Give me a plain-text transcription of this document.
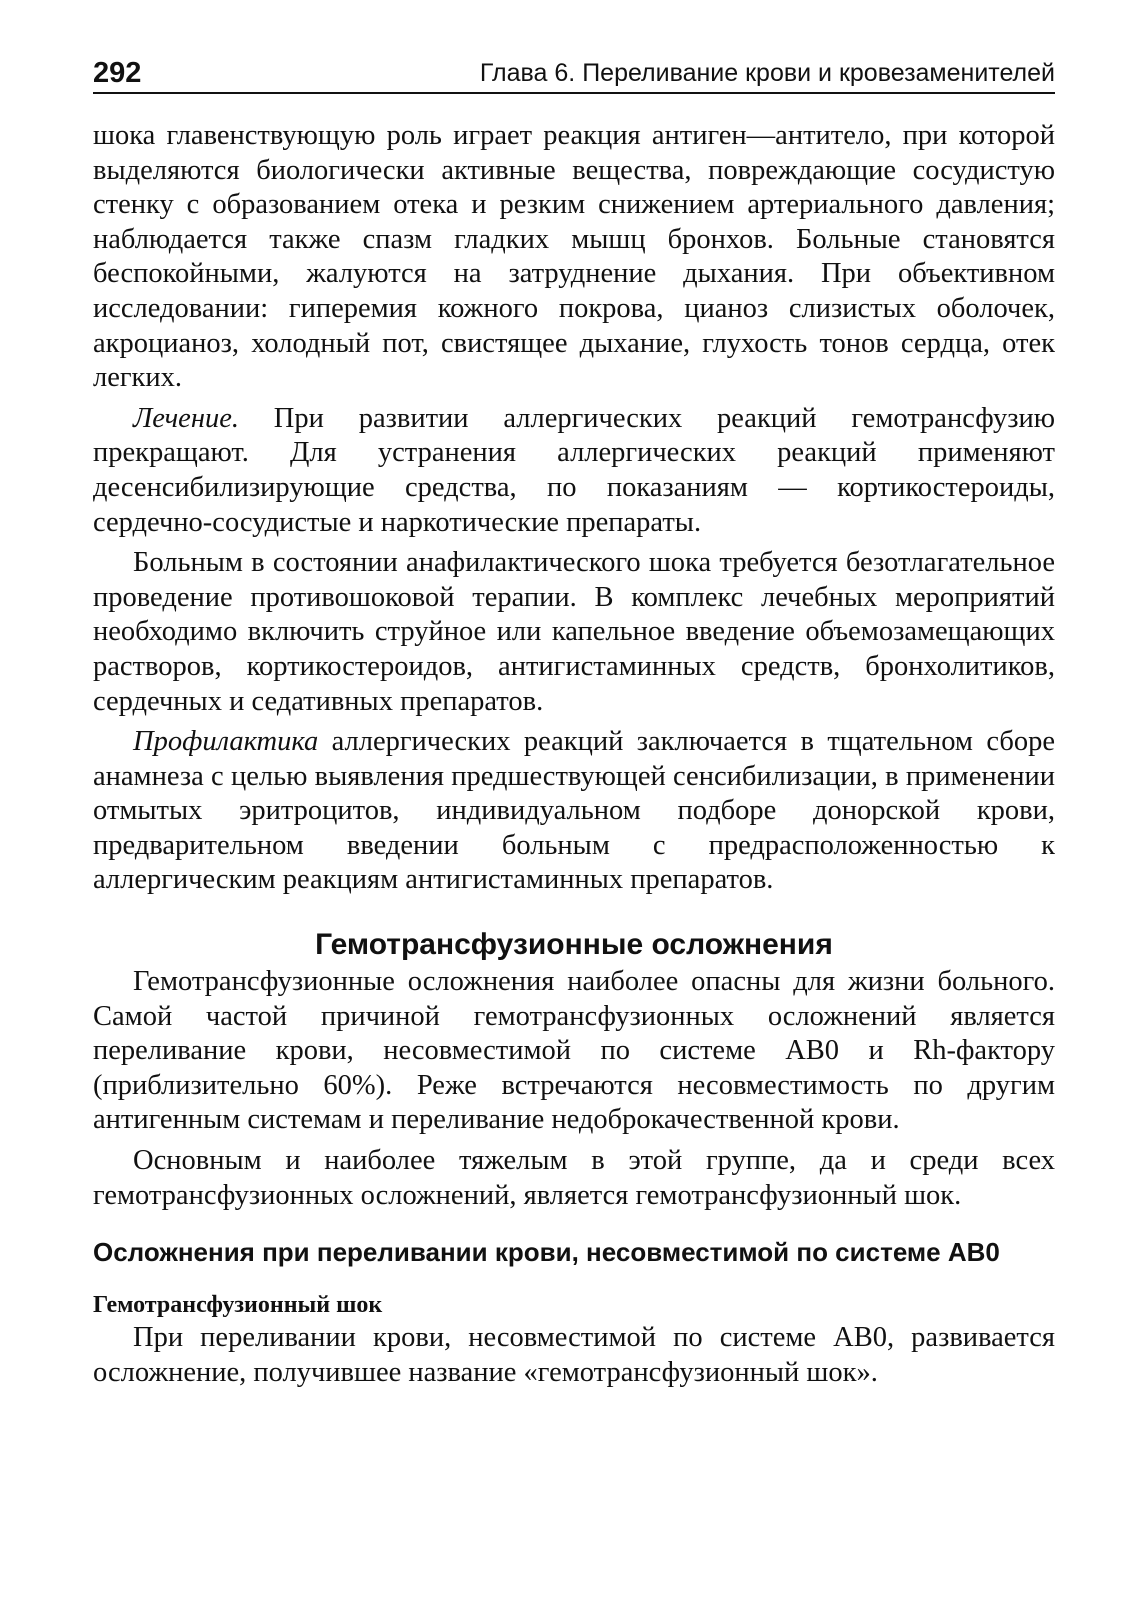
292	Глава 6. Переливание крови и кровезаменителей

шока главенствующую роль играет реакция антиген—антитело, при которой выделяются биологически активные вещества, повреждающие сосудистую стенку с образованием отека и резким снижением артериального давления; наблюдается также спазм гладких мышц бронхов. Больные становятся беспокойными, жалуются на затруднение дыхания. При объективном исследовании: гиперемия кожного покрова, цианоз слизистых оболочек, акроцианоз, холодный пот, свистящее дыхание, глухость тонов сердца, отек легких.

Лечение. При развитии аллергических реакций гемотрансфузию прекращают. Для устранения аллергических реакций применяют десенсибилизирующие средства, по показаниям — кортикостероиды, сердечно-сосудистые и наркотические препараты.

Больным в состоянии анафилактического шока требуется безотлагательное проведение противошоковой терапии. В комплекс лечебных мероприятий необходимо включить струйное или капельное введение объемозамещающих растворов, кортикостероидов, антигистаминных средств, бронхолитиков, сердечных и седативных препаратов.

Профилактика аллергических реакций заключается в тщательном сборе анамнеза с целью выявления предшествующей сенсибилизации, в применении отмытых эритроцитов, индивидуальном подборе донорской крови, предварительном введении больным с предрасположенностью к аллергическим реакциям антигистаминных препаратов.

Гемотрансфузионные осложнения

Гемотрансфузионные осложнения наиболее опасны для жизни больного. Самой частой причиной гемотрансфузионных осложнений является переливание крови, несовместимой по системе AB0 и Rh-фактору (приблизительно 60%). Реже встречаются несовместимость по другим антигенным системам и переливание недоброкачественной крови.

Основным и наиболее тяжелым в этой группе, да и среди всех гемотрансфузионных осложнений, является гемотрансфузионный шок.

Осложнения при переливании крови, несовместимой по системе AB0
Гемотрансфузионный шок

При переливании крови, несовместимой по системе AB0, развивается осложнение, получившее название «гемотрансфузионный шок».
